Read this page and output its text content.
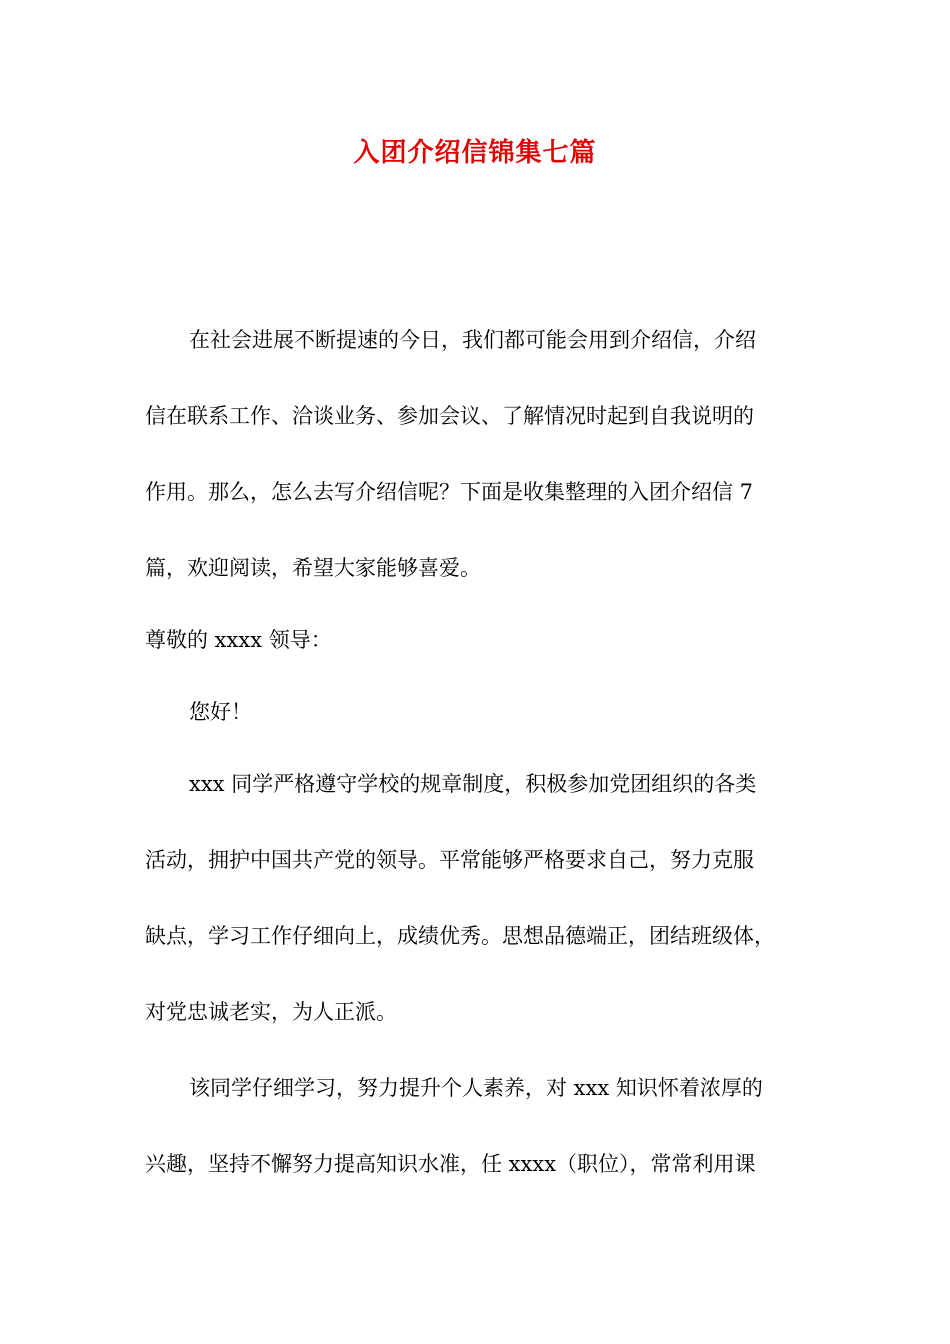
入团介绍信锦集七篇

在社会进展不断提速的今日，我们都可能会用到介绍信，介绍

信在联系工作、洽谈业务、参加会议、了解情况时起到自我说明的

作用。那么，怎么去写介绍信呢？下面是收集整理的入团介绍信 7

篇，欢迎阅读，希望大家能够喜爱。

尊敬的 xxxx 领导：

您好！

xxx 同学严格遵守学校的规章制度，积极参加党团组织的各类

活动，拥护中国共产党的领导。平常能够严格要求自己，努力克服

缺点，学习工作仔细向上，成绩优秀。思想品德端正，团结班级体，

对党忠诚老实，为人正派。

该同学仔细学习，努力提升个人素养，对 xxx 知识怀着浓厚的

兴趣，坚持不懈努力提高知识水准，任 xxxx（职位），常常利用课
